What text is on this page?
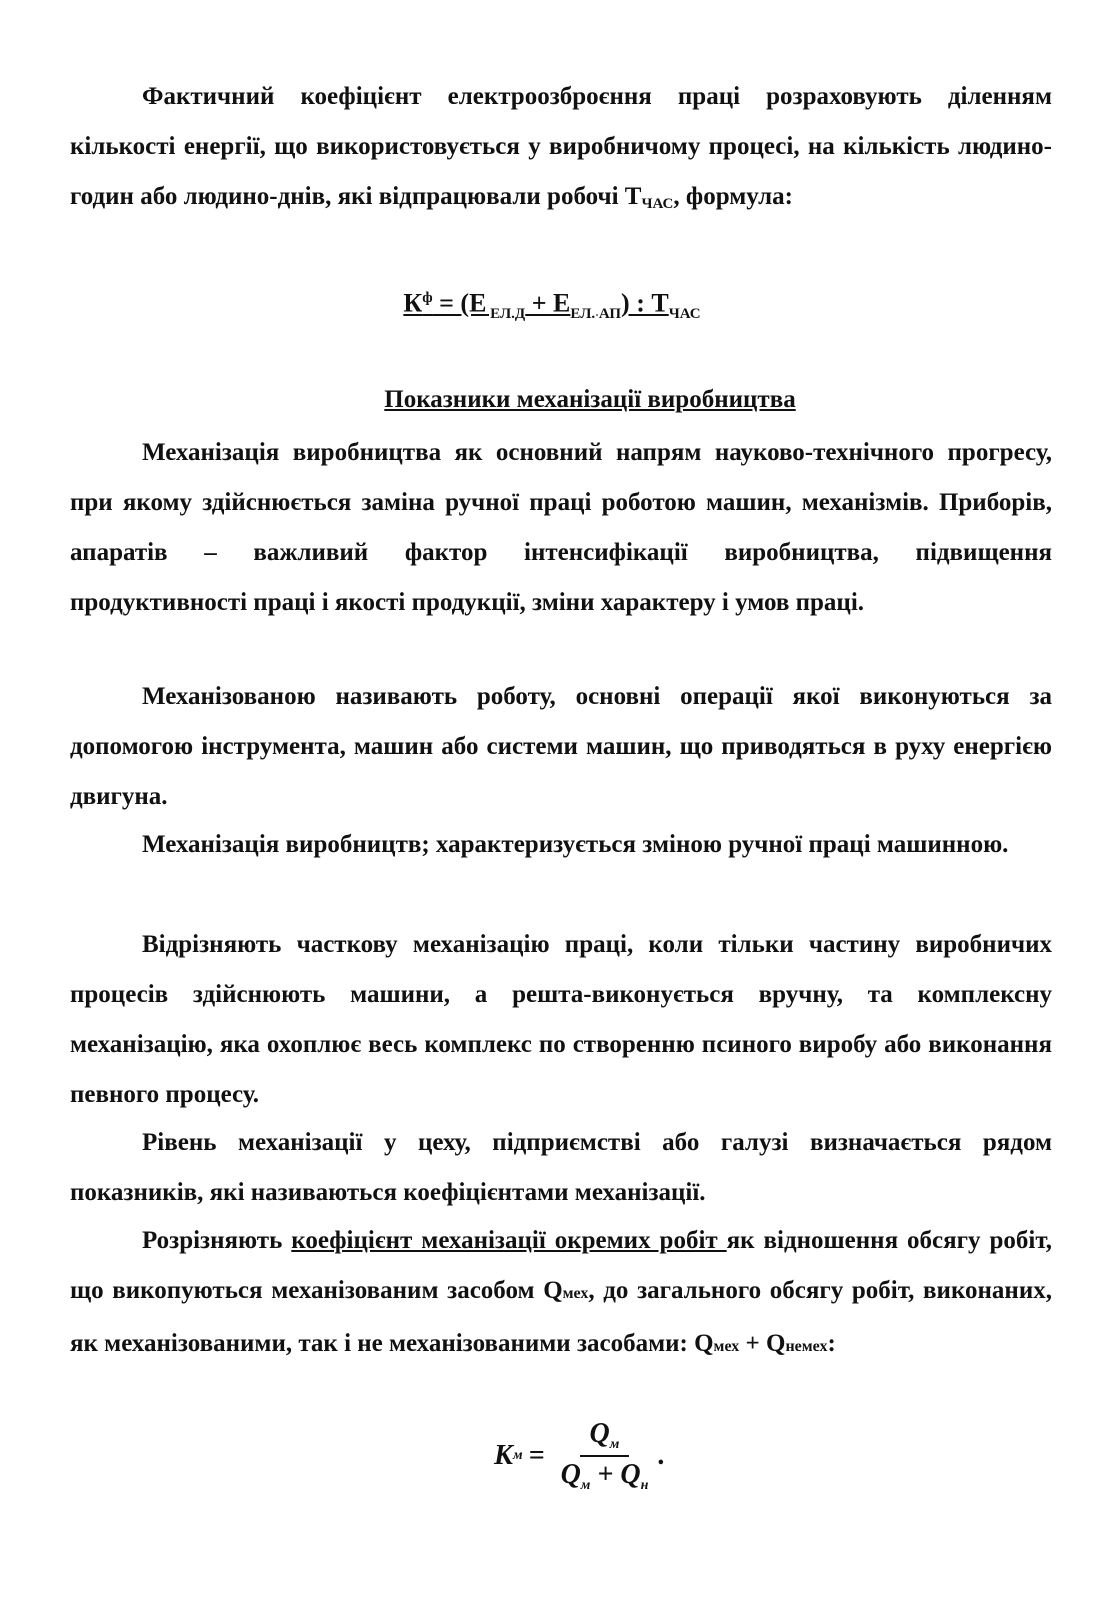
Фактичний коефіцієнт електроозброєння праці розраховують діленням кількості енергії, що використовується у виробничому процесі, на кількість людино-годин або людино-днів, які відпрацювали робочі $Т_{ЧАС}$, формула:

$К^ф = (Е$ $_{ЕЛ.Д} + Е_{ЕЛ. АП}$) : $Т_{ЧАС}$
Показники механізації виробництва

Механізація виробництва як основний напрям науково-технічного прогресу, при якому здійснюється заміна ручної праці роботою машин, механізмів. Приборів, апаратів – важливий фактор інтенсифікації виробництва, підвищення продуктивності праці і якості продукції, зміни характеру і умов праці.

Механізованою називають роботу, основні операції якої виконуються за допомогою інструмента, машин або системи машин, що приводяться в руху енергією двигуна.

Механізація виробництв; характеризується зміною ручної праці машинною.

Відрізняють часткову механізацію праці, коли тільки частину виробничих процесів здійснюють машини, а решта-виконується вручну, та комплексну механізацію, яка охоплює весь комплекс по створенню псиного виробу або виконання певного процесу.

Рівень механізації у цеху, підприємстві або галузі визначається рядом показників, які називаються коефіцієнтами механізації.

Розрізняють коефіцієнт механізації окремих робіт як відношення обсягу робіт, що викопуються механізованим засобом Qмех, до загального обсягу робіт, виконаних, як механізованими, так і не механізованими засобами: Qмех + Qнемех:

К $м = \frac{Q_м}{Q_м + Q_н}$ .
